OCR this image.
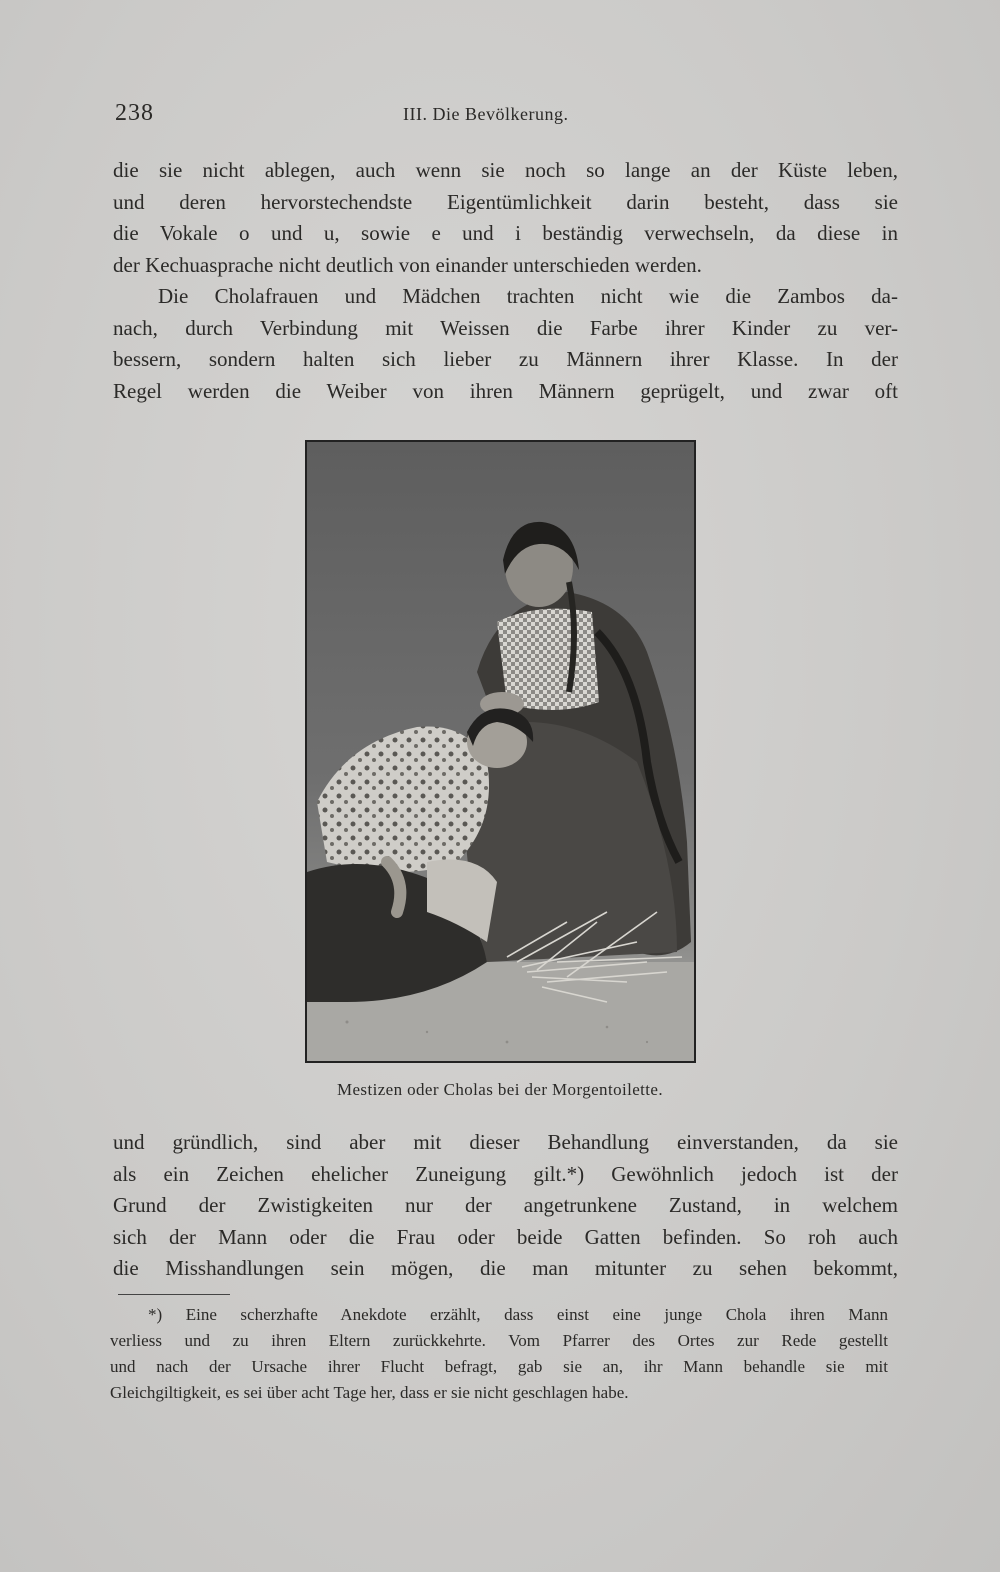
238	III. Die Bevölkerung.

die sie nicht ablegen, auch wenn sie noch so lange an der Küste leben,

und deren hervorstechendste Eigentümlichkeit darin besteht, dass sie

die Vokale o und u, sowie e und i beständig verwechseln, da diese in

der Kechuasprache nicht deutlich von einander unterschieden werden.

Die Cholafrauen und Mädchen trachten nicht wie die Zambos da-

nach, durch Verbindung mit Weissen die Farbe ihrer Kinder zu ver-

bessern, sondern halten sich lieber zu Männern ihrer Klasse. In der

Regel werden die Weiber von ihren Männern geprügelt, und zwar oft

Mestizen oder Cholas bei der Morgentoilette.

und gründlich, sind aber mit dieser Behandlung einverstanden, da sie

als ein Zeichen ehelicher Zuneigung gilt.*) Gewöhnlich jedoch ist der

Grund der Zwistigkeiten nur der angetrunkene Zustand, in welchem

sich der Mann oder die Frau oder beide Gatten befinden. So roh auch

die Misshandlungen sein mögen, die man mitunter zu sehen bekommt,

*) Eine scherzhafte Anekdote erzählt, dass einst eine junge Chola ihren Mann

verliess und zu ihren Eltern zurückkehrte. Vom Pfarrer des Ortes zur Rede gestellt

und nach der Ursache ihrer Flucht befragt, gab sie an, ihr Mann behandle sie mit

Gleichgiltigkeit, es sei über acht Tage her, dass er sie nicht geschlagen habe.
